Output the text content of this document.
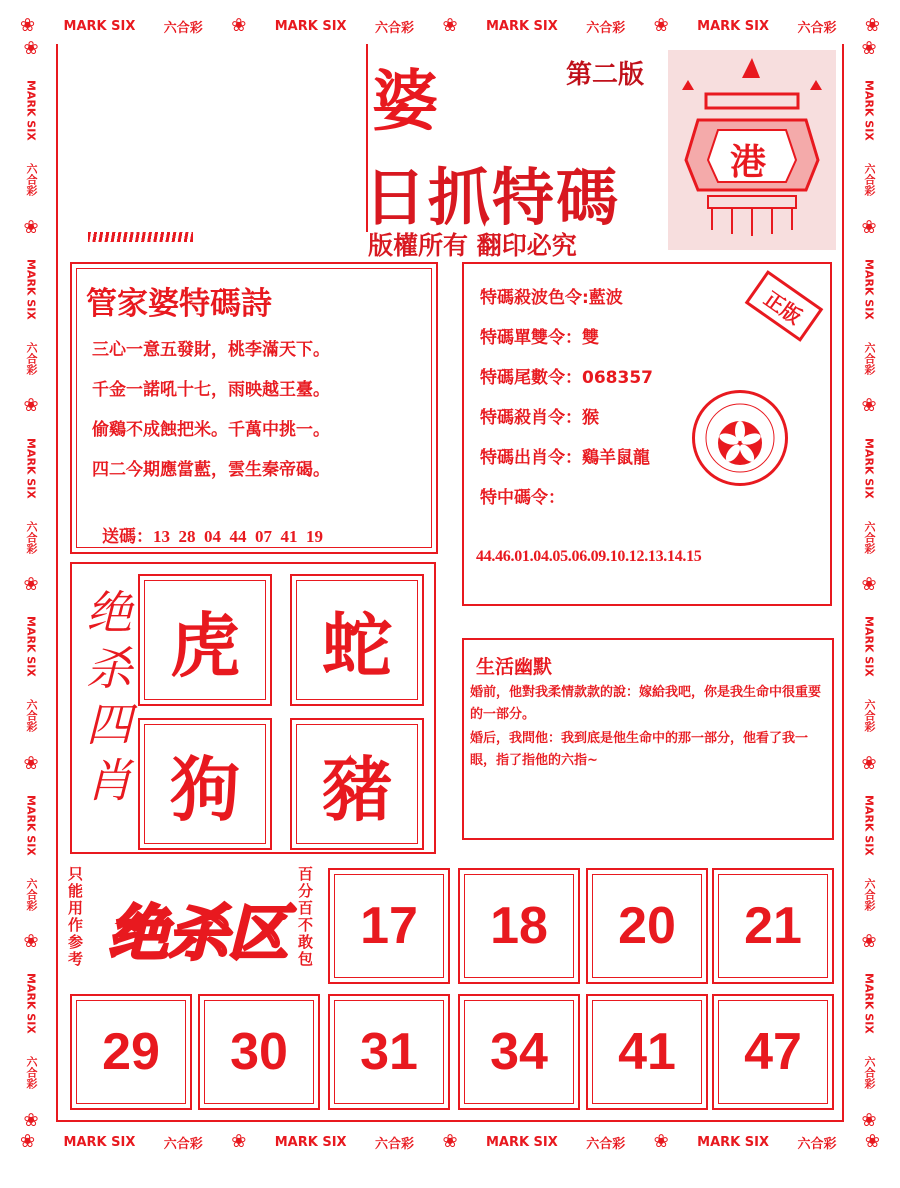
❀ MARK SIX 六合彩 ❀ MARK SIX 六合彩 ❀ MARK SIX 六合彩 ❀ MARK SIX 六合彩 ❀
❀ MARK SIX 六合彩 ❀ MARK SIX 六合彩 ❀ MARK SIX 六合彩 ❀ MARK SIX 六合彩 ❀
❀
MARK SIX
六合彩
❀
MARK SIX
六合彩
❀
MARK SIX
六合彩
❀
MARK SIX
六合彩
❀
MARK SIX
六合彩
❀
MARK SIX
六合彩
❀
❀
MARK SIX
六合彩
❀
MARK SIX
六合彩
❀
MARK SIX
六合彩
❀
MARK SIX
六合彩
❀
MARK SIX
六合彩
❀
MARK SIX
六合彩
❀
婆	第二版
日抓特碼
版權所有 翻印必究
港
管家婆特碼詩

三心一意五發財，桃李滿天下。

千金一諾吼十七，雨映越王臺。

偷鷄不成蝕把米。千萬中挑一。

四二今期應當藍，雲生秦帝碣。

送碼：13  28  04  44  07  41  19

特碼殺波色令:藍波

特碼單雙令：雙

特碼尾數令：068357

特碼殺肖令：猴

特碼出肖令：鷄羊鼠龍

特中碼令：

44.46.01.04.05.06.09.10.12.13.14.15
正版
绝杀四肖 虎 蛇
狗 豬
生活幽默
婚前，他對我柔情款款的說：嫁給我吧，你是我生命中很重要的一部分。
婚后，我問他：我到底是他生命中的那一部分，他看了我一眼，指了指他的六指~
只能用作参考 绝杀区 百分百不敢包 17 18 20 21
29 30 31 34 41 47
